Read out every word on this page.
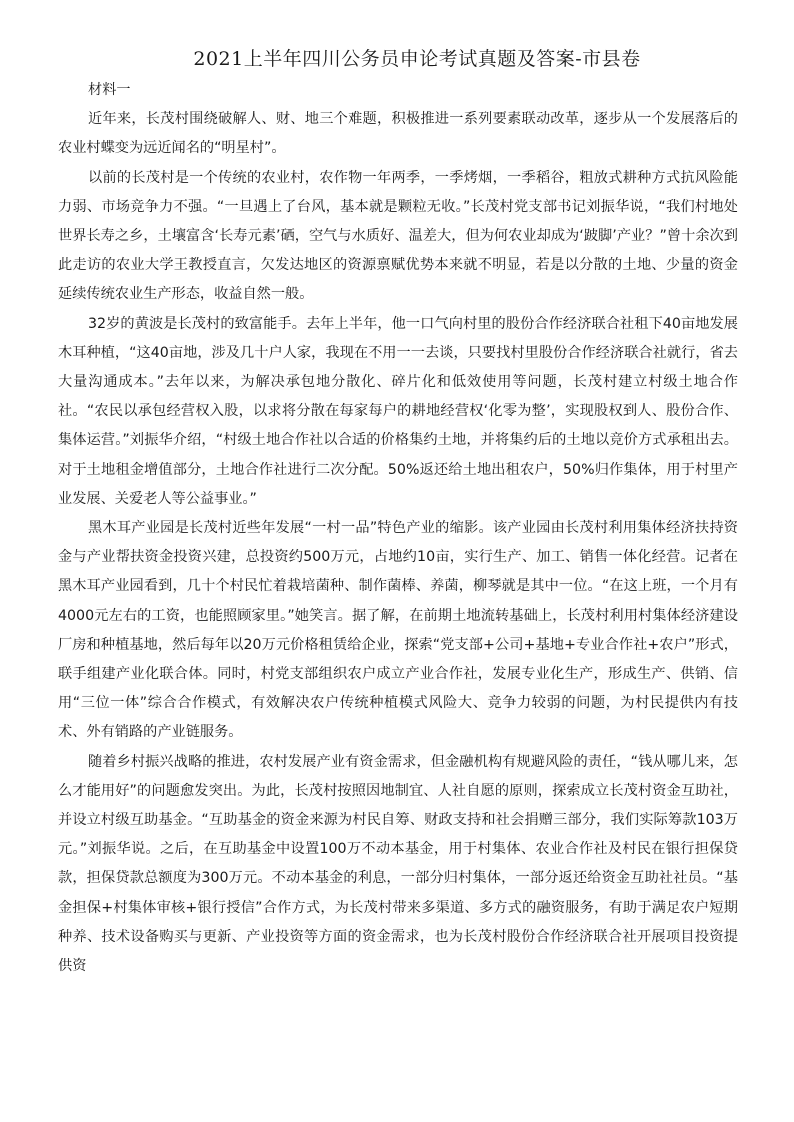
2021上半年四川公务员申论考试真题及答案-市县卷

材料一

近年来，长茂村围绕破解人、财、地三个难题，积极推进一系列要素联动改革，逐步从一个发展落后的农业村蝶变为远近闻名的“明星村”。

以前的长茂村是一个传统的农业村，农作物一年两季，一季烤烟，一季稻谷，粗放式耕种方式抗风险能力弱、市场竞争力不强。“一旦遇上了台风，基本就是颗粒无收。”长茂村党支部书记刘振华说，“我们村地处世界长寿之乡，土壤富含‘长寿元素’硒，空气与水质好、温差大，但为何农业却成为‘跛脚’产业？”曾十余次到此走访的农业大学王教授直言，欠发达地区的资源禀赋优势本来就不明显，若是以分散的土地、少量的资金延续传统农业生产形态，收益自然一般。

32岁的黄波是长茂村的致富能手。去年上半年，他一口气向村里的股份合作经济联合社租下40亩地发展木耳种植，“这40亩地，涉及几十户人家，我现在不用一一去谈，只要找村里股份合作经济联合社就行，省去大量沟通成本。”去年以来，为解决承包地分散化、碎片化和低效使用等问题，长茂村建立村级土地合作社。“农民以承包经营权入股，以求将分散在每家每户的耕地经营权‘化零为整’，实现股权到人、股份合作、集体运营。”刘振华介绍，“村级土地合作社以合适的价格集约土地，并将集约后的土地以竞价方式承租出去。对于土地租金增值部分，土地合作社进行二次分配。50%返还给土地出租农户，50%归作集体，用于村里产业发展、关爱老人等公益事业。”

黑木耳产业园是长茂村近些年发展“一村一品”特色产业的缩影。该产业园由长茂村利用集体经济扶持资金与产业帮扶资金投资兴建，总投资约500万元，占地约10亩，实行生产、加工、销售一体化经营。记者在黑木耳产业园看到，几十个村民忙着栽培菌种、制作菌棒、养菌，柳琴就是其中一位。“在这上班，一个月有4000元左右的工资，也能照顾家里。”她笑言。据了解，在前期土地流转基础上，长茂村利用村集体经济建设厂房和种植基地，然后每年以20万元价格租赁给企业，探索“党支部+公司+基地+专业合作社+农户”形式，联手组建产业化联合体。同时，村党支部组织农户成立产业合作社，发展专业化生产，形成生产、供销、信用“三位一体”综合合作模式，有效解决农户传统种植模式风险大、竞争力较弱的问题，为村民提供内有技术、外有销路的产业链服务。

随着乡村振兴战略的推进，农村发展产业有资金需求，但金融机构有规避风险的责任，“钱从哪儿来，怎么才能用好”的问题愈发突出。为此，长茂村按照因地制宜、人社自愿的原则，探索成立长茂村资金互助社，并设立村级互助基金。“互助基金的资金来源为村民自筹、财政支持和社会捐赠三部分，我们实际筹款103万元。”刘振华说。之后，在互助基金中设置100万不动本基金，用于村集体、农业合作社及村民在银行担保贷款，担保贷款总额度为300万元。不动本基金的利息，一部分归村集体，一部分返还给资金互助社社员。“基金担保+村集体审核+银行授信”合作方式，为长茂村带来多渠道、多方式的融资服务，有助于满足农户短期种养、技术设备购买与更新、产业投资等方面的资金需求，也为长茂村股份合作经济联合社开展项目投资提供资
